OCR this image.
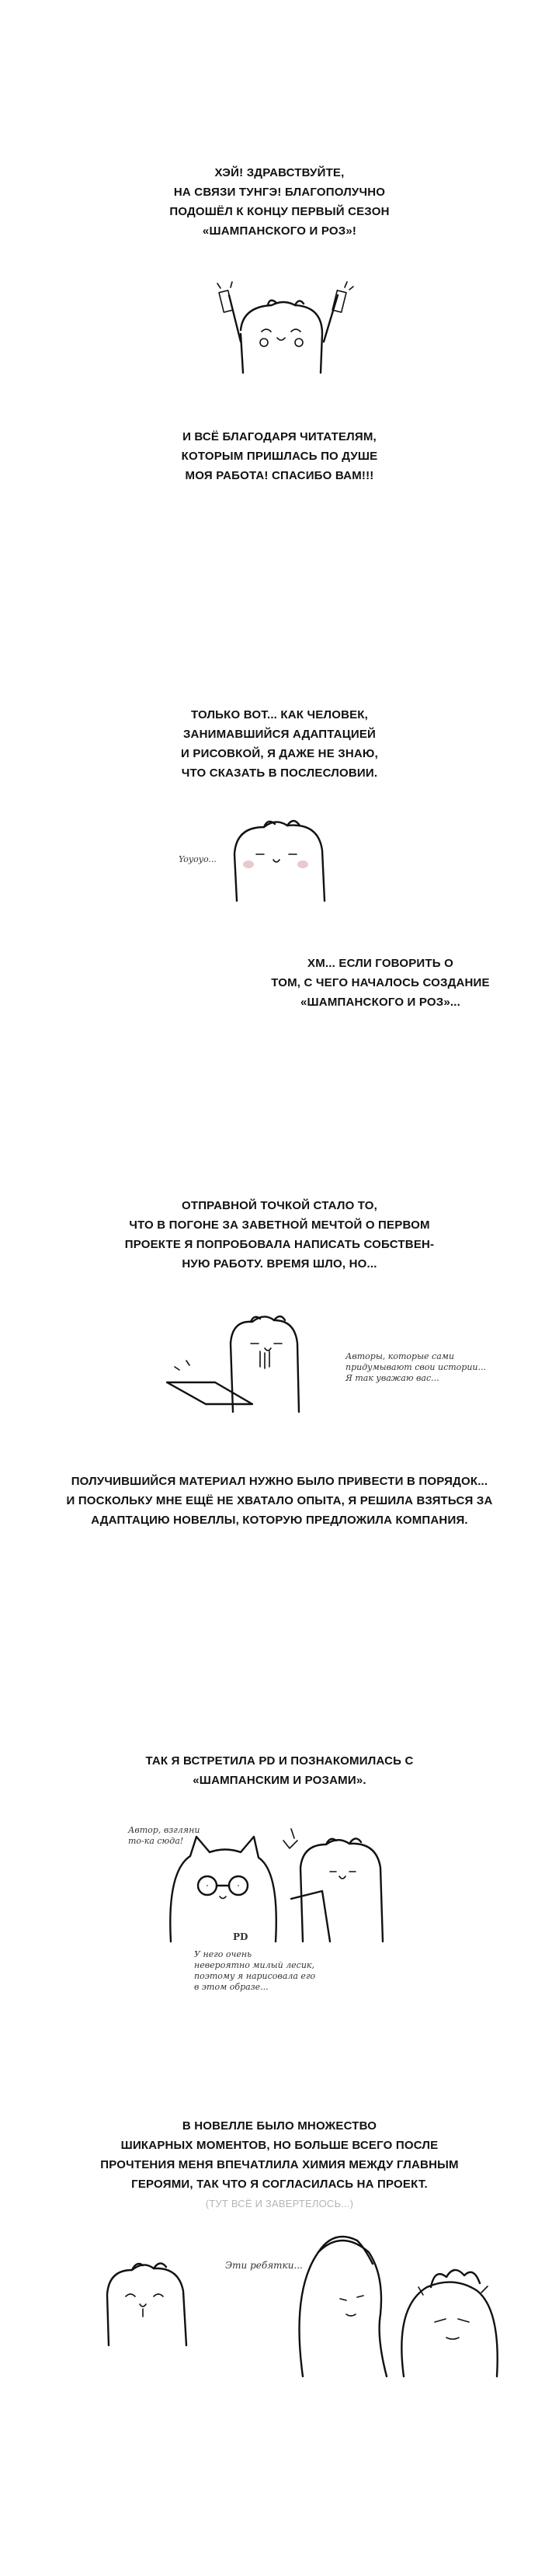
ХЭЙ! ЗДРАВСТВУЙТЕ,
НА СВЯЗИ ТУНГЭ! БЛАГОПОЛУЧНО
ПОДОШЁЛ К КОНЦУ ПЕРВЫЙ СЕЗОН
«ШАМПАНСКОГО И РОЗ»!
И ВСЁ БЛАГОДАРЯ ЧИТАТЕЛЯМ,
КОТОРЫМ ПРИШЛАСЬ ПО ДУШЕ
МОЯ РАБОТА! СПАСИБО ВАМ!!!
ТОЛЬКО ВОТ... КАК ЧЕЛОВЕК,
ЗАНИМАВШИЙСЯ АДАПТАЦИЕЙ
И РИСОВКОЙ, Я ДАЖЕ НЕ ЗНАЮ,
ЧТО СКАЗАТЬ В ПОСЛЕСЛОВИИ.
Yoyoyo...
ХМ... ЕСЛИ ГОВОРИТЬ О
ТОМ, С ЧЕГО НАЧАЛОСЬ СОЗДАНИЕ
«ШАМПАНСКОГО И РОЗ»...
ОТПРАВНОЙ ТОЧКОЙ СТАЛО ТО,
ЧТО В ПОГОНЕ ЗА ЗАВЕТНОЙ МЕЧТОЙ О ПЕРВОМ
ПРОЕКТЕ Я ПОПРОБОВАЛА НАПИСАТЬ СОБСТВЕН-
НУЮ РАБОТУ. ВРЕМЯ ШЛО, НО...
Авторы, которые сами
придумывают свои истории...
Я так уважаю вас...
ПОЛУЧИВШИЙСЯ МАТЕРИАЛ НУЖНО БЫЛО ПРИВЕСТИ В ПОРЯДОК...
И ПОСКОЛЬКУ МНЕ ЕЩЁ НЕ ХВАТАЛО ОПЫТА, Я РЕШИЛА ВЗЯТЬСЯ ЗА
АДАПТАЦИЮ НОВЕЛЛЫ, КОТОРУЮ ПРЕДЛОЖИЛА КОМПАНИЯ.
ТАК Я ВСТРЕТИЛА PD И ПОЗНАКОМИЛАСЬ С
«ШАМПАНСКИМ И РОЗАМИ».
Автор, взгляни
то-ка сюда!
PD
У него очень
невероятно милый лесик,
поэтому я нарисовала его
в этом образе...
В НОВЕЛЛЕ БЫЛО МНОЖЕСТВО
ШИКАРНЫХ МОМЕНТОВ, НО БОЛЬШЕ ВСЕГО ПОСЛЕ
ПРОЧТЕНИЯ МЕНЯ ВПЕЧАТЛИЛА ХИМИЯ МЕЖДУ ГЛАВНЫМ
ГЕРОЯМИ, ТАК ЧТО Я СОГЛАСИЛАСЬ НА ПРОЕКТ.
(ТУТ ВСЁ И ЗАВЕРТЕЛОСЬ...)
Эти ребятки...
